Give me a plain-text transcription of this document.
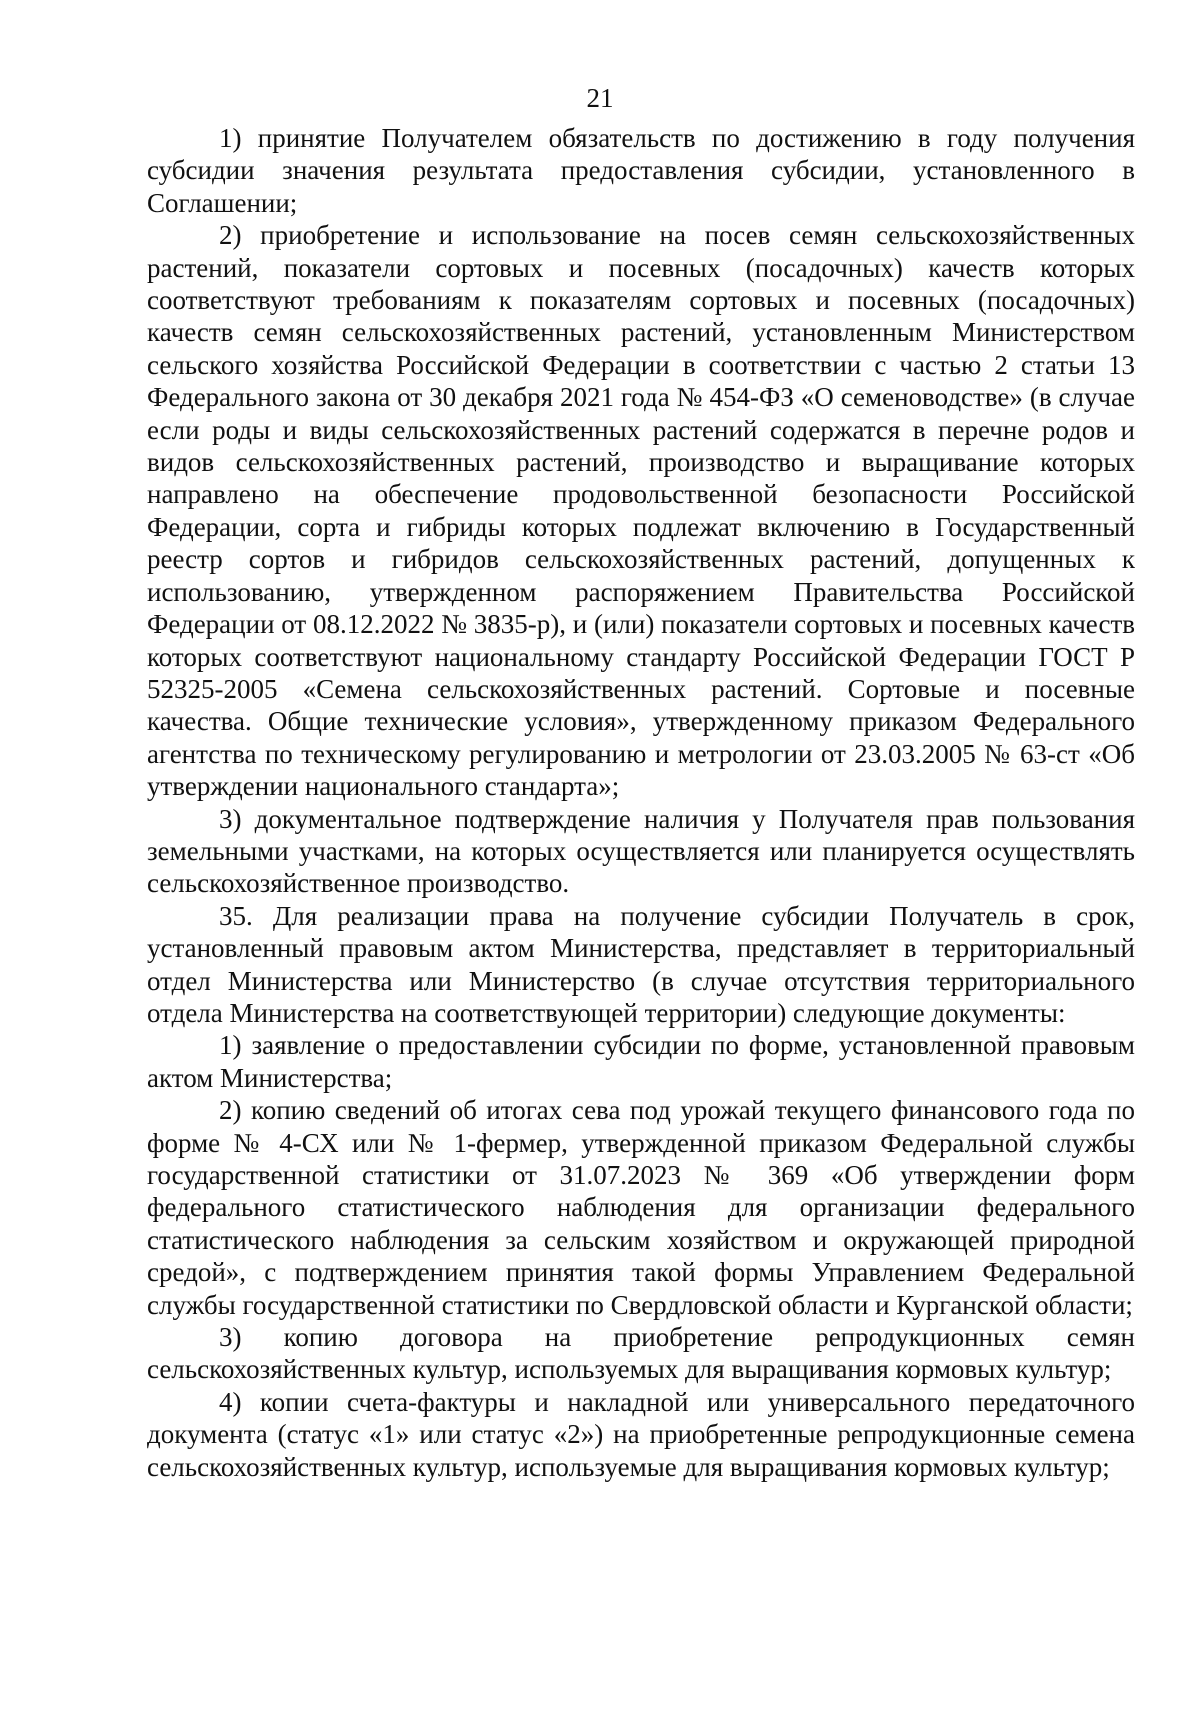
21

1) принятие Получателем обязательств по достижению в году получения субсидии значения результата предоставления субсидии, установленного в Соглашении;

2) приобретение и использование на посев семян сельскохозяйственных растений, показатели сортовых и посевных (посадочных) качеств которых соответствуют требованиям к показателям сортовых и посевных (посадочных) качеств семян сельскохозяйственных растений, установленным Министерством сельского хозяйства Российской Федерации в соответствии с частью 2 статьи 13 Федерального закона от 30 декабря 2021 года № 454-ФЗ «О семеноводстве» (в случае если роды и виды сельскохозяйственных растений содержатся в перечне родов и видов сельскохозяйственных растений, производство и выращивание которых направлено на обеспечение продовольственной безопасности Российской Федерации, сорта и гибриды которых подлежат включению в Государственный реестр сортов и гибридов сельскохозяйственных растений, допущенных к использованию, утвержденном распоряжением Правительства Российской Федерации от 08.12.2022 № 3835-р), и (или) показатели сортовых и посевных качеств которых соответствуют национальному стандарту Российской Федерации ГОСТ Р 52325-2005 «Семена сельскохозяйственных растений. Сортовые и посевные качества. Общие технические условия», утвержденному приказом Федерального агентства по техническому регулированию и метрологии от 23.03.2005 № 63-ст «Об утверждении национального стандарта»;

3) документальное подтверждение наличия у Получателя прав пользования земельными участками, на которых осуществляется или планируется осуществлять сельскохозяйственное производство.

35. Для реализации права на получение субсидии Получатель в срок, установленный правовым актом Министерства, представляет в территориальный отдел Министерства или Министерство (в случае отсутствия территориального отдела Министерства на соответствующей территории) следующие документы:

1) заявление о предоставлении субсидии по форме, установленной правовым актом Министерства;

2) копию сведений об итогах сева под урожай текущего финансового года по форме № 4-СХ или № 1-фермер, утвержденной приказом Федеральной службы государственной статистики от 31.07.2023 № 369 «Об утверждении форм федерального статистического наблюдения для организации федерального статистического наблюдения за сельским хозяйством и окружающей природной средой», с подтверждением принятия такой формы Управлением Федеральной службы государственной статистики по Свердловской области и Курганской области;

3) копию договора на приобретение репродукционных семян сельскохозяйственных культур, используемых для выращивания кормовых культур;

4) копии счета-фактуры и накладной или универсального передаточного документа (статус «1» или статус «2») на приобретенные репродукционные семена сельскохозяйственных культур, используемые для выращивания кормовых культур;
